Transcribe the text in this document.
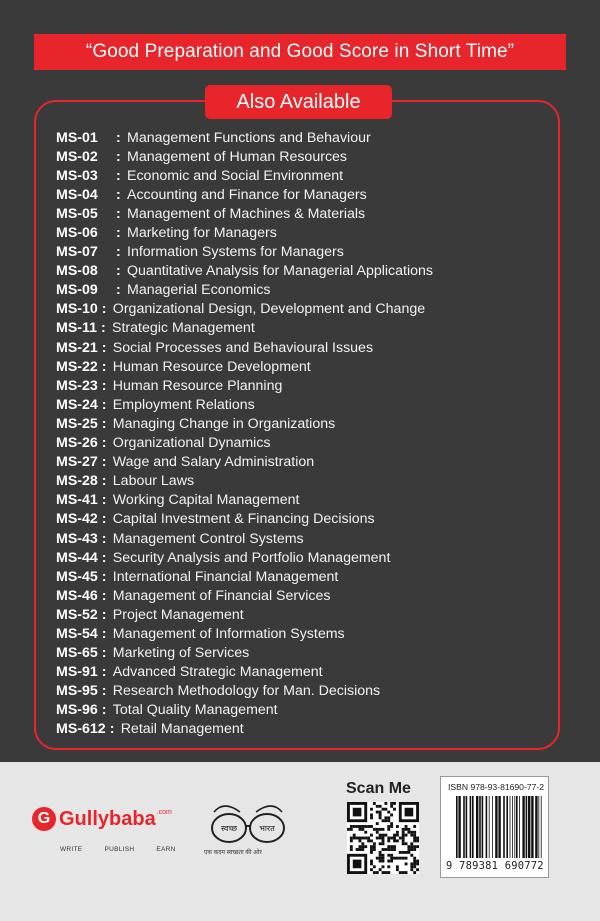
“Good Preparation and Good Score in Short Time”
Also Available
MS-01	: Management Functions and Behaviour
MS-02	: Management of Human Resources
MS-03	: Economic and Social Environment
MS-04	: Accounting and Finance for Managers
MS-05	: Management of Machines & Materials
MS-06	: Marketing for Managers
MS-07	: Information Systems for Managers
MS-08	: Quantitative Analysis for Managerial Applications
MS-09	: Managerial Economics
MS-10 : Organizational Design, Development and Change
MS-11 : Strategic Management
MS-21 : Social Processes and Behavioural Issues
MS-22 : Human Resource Development
MS-23 : Human Resource Planning
MS-24 : Employment Relations
MS-25 : Managing Change in Organizations
MS-26 : Organizational Dynamics
MS-27 : Wage and Salary Administration
MS-28 : Labour Laws
MS-41 : Working Capital Management
MS-42 : Capital Investment & Financing Decisions
MS-43 : Management Control Systems
MS-44 : Security Analysis and Portfolio Management
MS-45 : International Financial Management
MS-46 : Management of Financial Services
MS-52 : Project Management
MS-54 : Management of Information Systems
MS-65 : Marketing of Services
MS-91 : Advanced Strategic Management
MS-95 : Research Methodology for Man. Decisions
MS-96 : Total Quality Management
MS-612 : Retail Management
G Gullybaba .com
WRITE	PUBLISH	EARN
स्वच्छ	भारत
एक कदम स्वच्छता की ओर
Scan Me	ISBN 978-93-81690-77-2
9 789381 690772
